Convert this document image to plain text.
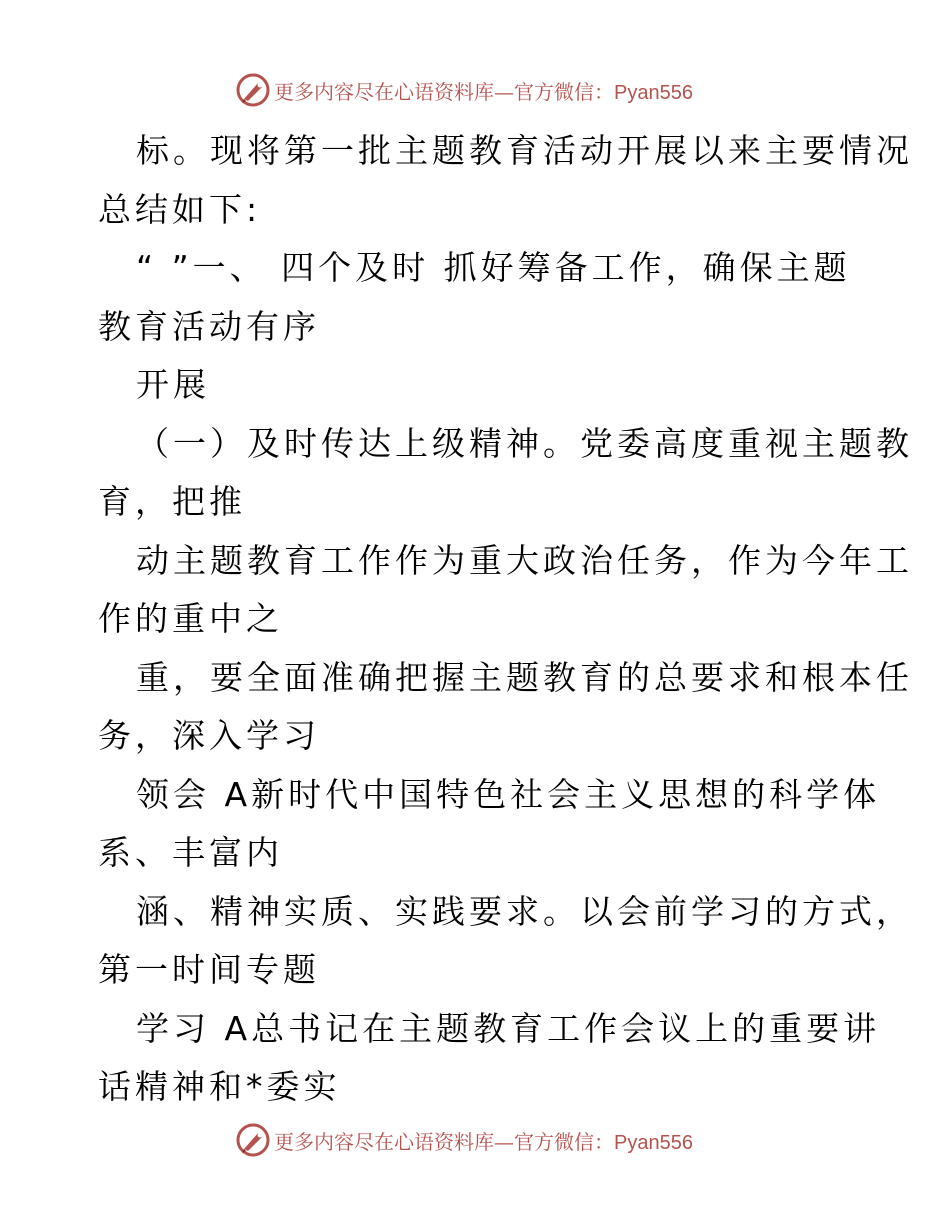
更多内容尽在心语资料库—官方微信：Pyan556
标。现将第一批主题教育活动开展以来主要情况
总结如下:
“ ”一、 四个及时 抓好筹备工作，确保主题
教育活动有序
开展
（一）及时传达上级精神。党委高度重视主题教
育，把推
动主题教育工作作为重大政治任务，作为今年工
作的重中之
重，要全面准确把握主题教育的总要求和根本任
务，深入学习
领会 A新时代中国特色社会主义思想的科学体
系、丰富内
涵、精神实质、实践要求。以会前学习的方式，
第一时间专题
学习 A总书记在主题教育工作会议上的重要讲
话精神和*委实
更多内容尽在心语资料库—官方微信：Pyan556
